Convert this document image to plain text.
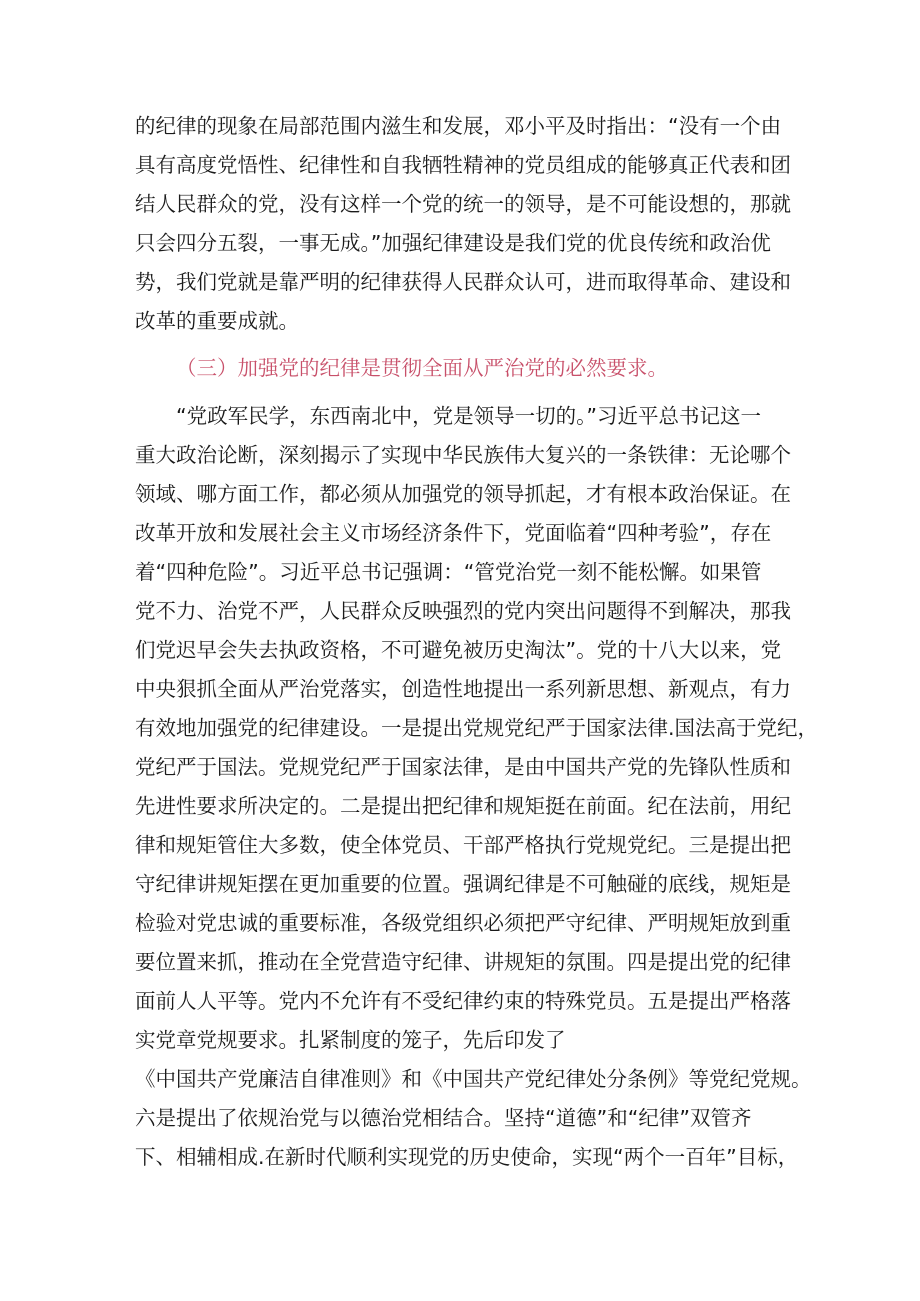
的纪律的现象在局部范围内滋生和发展，邓小平及时指出：“没有一个由
具有高度党悟性、纪律性和自我牺牲精神的党员组成的能够真正代表和团
结人民群众的党，没有这样一个党的统一的领导，是不可能设想的，那就
只会四分五裂，一事无成。”加强纪律建设是我们党的优良传统和政治优
势，我们党就是靠严明的纪律获得人民群众认可，进而取得革命、建设和
改革的重要成就。
（三）加强党的纪律是贯彻全面从严治党的必然要求。
“党政军民学，东西南北中，党是领导一切的。”习近平总书记这一
重大政治论断，深刻揭示了实现中华民族伟大复兴的一条铁律：无论哪个
领域、哪方面工作，都必须从加强党的领导抓起，才有根本政治保证。在
改革开放和发展社会主义市场经济条件下，党面临着“四种考验”，存在
着“四种危险”。习近平总书记强调：“管党治党一刻不能松懈。如果管
党不力、治党不严，人民群众反映强烈的党内突出问题得不到解决，那我
们党迟早会失去执政资格，不可避免被历史淘汰”。党的十八大以来，党
中央狠抓全面从严治党落实，创造性地提出一系列新思想、新观点，有力
有效地加强党的纪律建设。一是提出党规党纪严于国家法律.国法高于党纪，
党纪严于国法。党规党纪严于国家法律，是由中国共产党的先锋队性质和
先进性要求所决定的。二是提出把纪律和规矩挺在前面。纪在法前，用纪
律和规矩管住大多数，使全体党员、干部严格执行党规党纪。三是提出把
守纪律讲规矩摆在更加重要的位置。强调纪律是不可触碰的底线，规矩是
检验对党忠诚的重要标准，各级党组织必须把严守纪律、严明规矩放到重
要位置来抓，推动在全党营造守纪律、讲规矩的氛围。四是提出党的纪律
面前人人平等。党内不允许有不受纪律约束的特殊党员。五是提出严格落
实党章党规要求。扎紧制度的笼子，先后印发了
《中国共产党廉洁自律准则》和《中国共产党纪律处分条例》等党纪党规。
六是提出了依规治党与以德治党相结合。坚持“道德”和“纪律”双管齐
下、相辅相成.在新时代顺利实现党的历史使命，实现“两个一百年”目标，
